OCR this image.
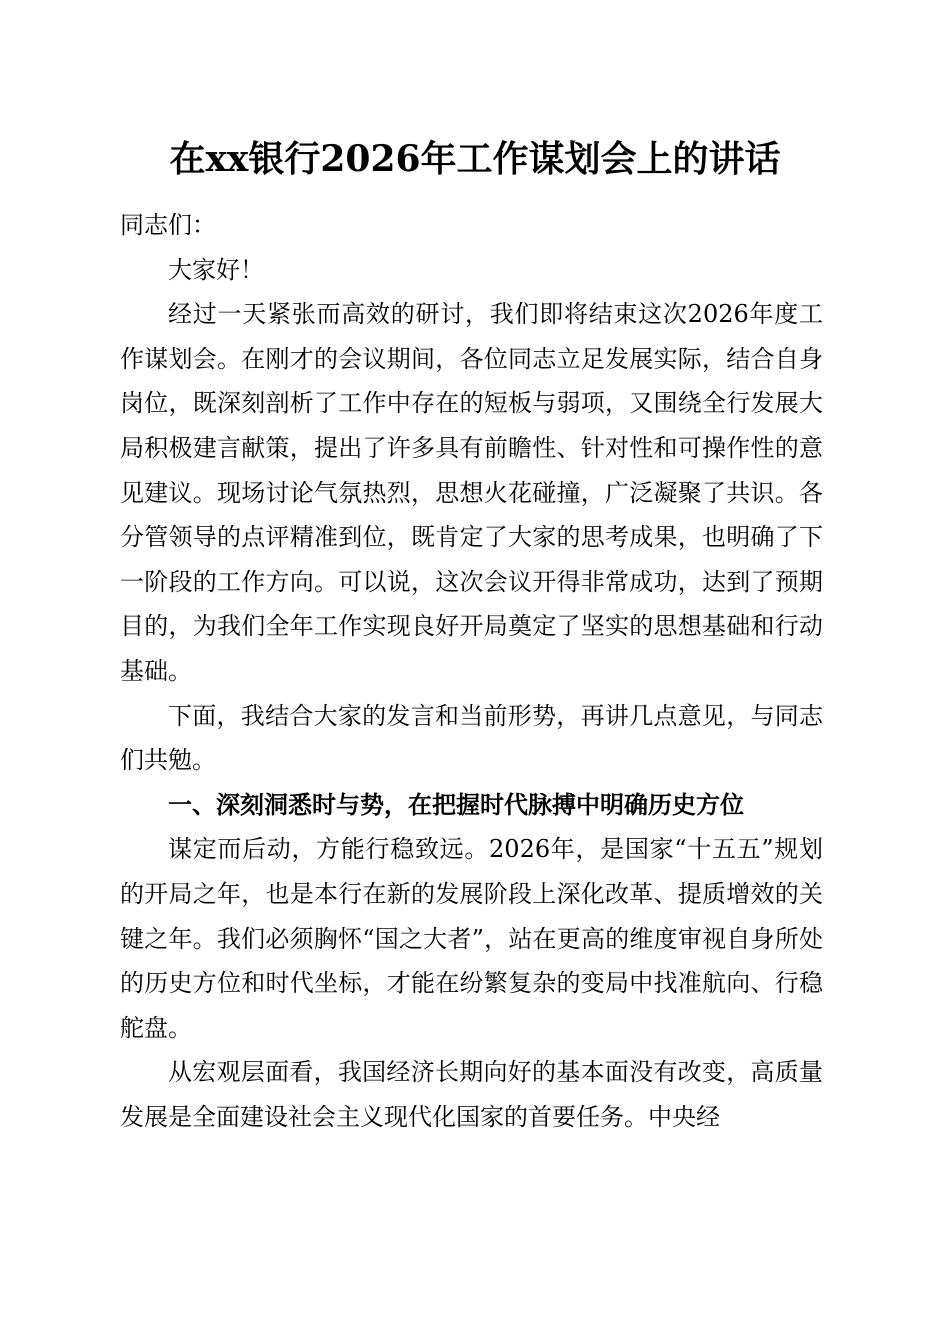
在xx银行2026年工作谋划会上的讲话

同志们：

大家好！

经过一天紧张而高效的研讨，我们即将结束这次2026年度工作谋划会。在刚才的会议期间，各位同志立足发展实际，结合自身岗位，既深刻剖析了工作中存在的短板与弱项，又围绕全行发展大局积极建言献策，提出了许多具有前瞻性、针对性和可操作性的意见建议。现场讨论气氛热烈，思想火花碰撞，广泛凝聚了共识。各分管领导的点评精准到位，既肯定了大家的思考成果，也明确了下一阶段的工作方向。可以说，这次会议开得非常成功，达到了预期目的，为我们全年工作实现良好开局奠定了坚实的思想基础和行动基础。

下面，我结合大家的发言和当前形势，再讲几点意见，与同志们共勉。

一、深刻洞悉时与势，在把握时代脉搏中明确历史方位

谋定而后动，方能行稳致远。2026年，是国家“十五五”规划的开局之年，也是本行在新的发展阶段上深化改革、提质增效的关键之年。我们必须胸怀“国之大者”，站在更高的维度审视自身所处的历史方位和时代坐标，才能在纷繁复杂的变局中找准航向、行稳舵盘。

从宏观层面看，我国经济长期向好的基本面没有改变，高质量发展是全面建设社会主义现代化国家的首要任务。中央经
